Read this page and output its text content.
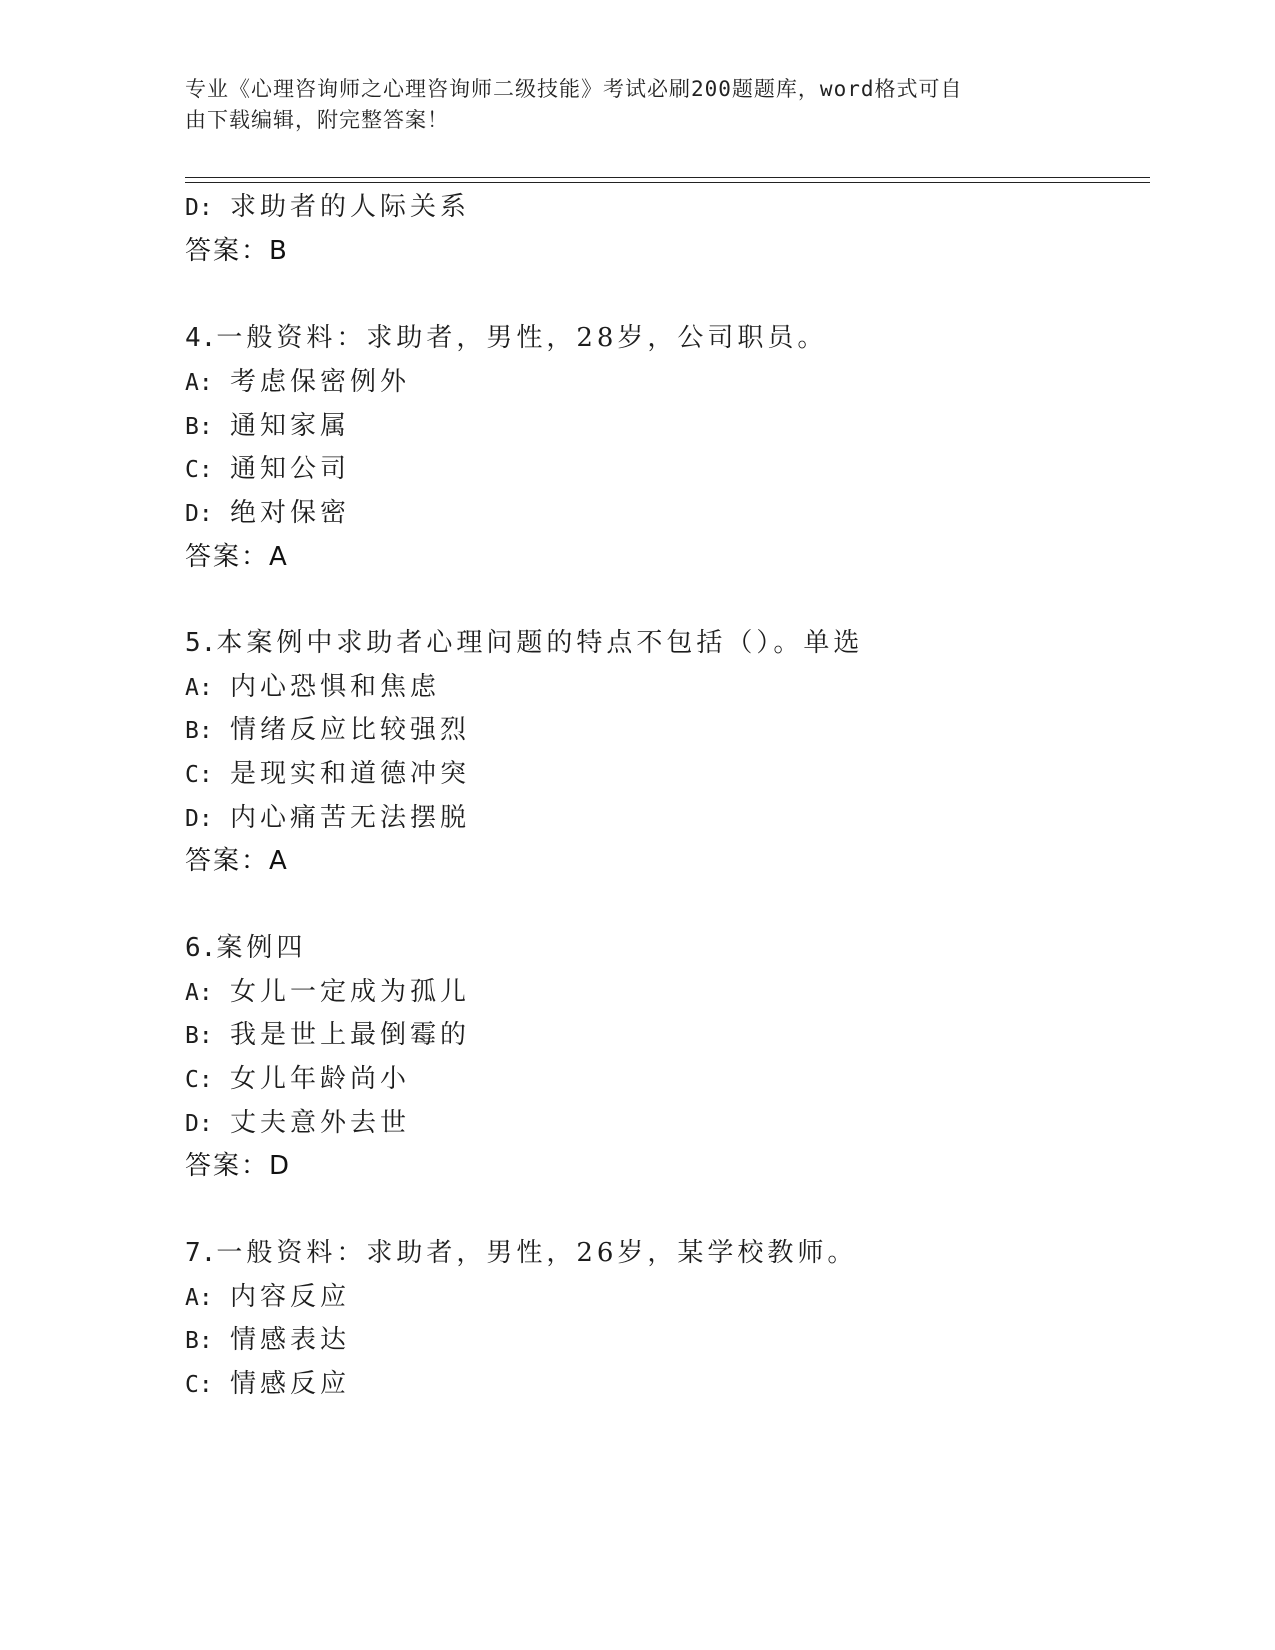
专业《心理咨询师之心理咨询师二级技能》考试必刷200题题库，word格式可自
由下载编辑，附完整答案！
D: 求助者的人际关系
答案：B
4.一般资料：求助者，男性，28岁，公司职员。
A: 考虑保密例外
B: 通知家属
C: 通知公司
D: 绝对保密
答案：A
5.本案例中求助者心理问题的特点不包括（）。单选
A: 内心恐惧和焦虑
B: 情绪反应比较强烈
C: 是现实和道德冲突
D: 内心痛苦无法摆脱
答案：A
6.案例四
A: 女儿一定成为孤儿
B: 我是世上最倒霉的
C: 女儿年龄尚小
D: 丈夫意外去世
答案：D
7.一般资料：求助者，男性，26岁，某学校教师。
A: 内容反应
B: 情感表达
C: 情感反应
